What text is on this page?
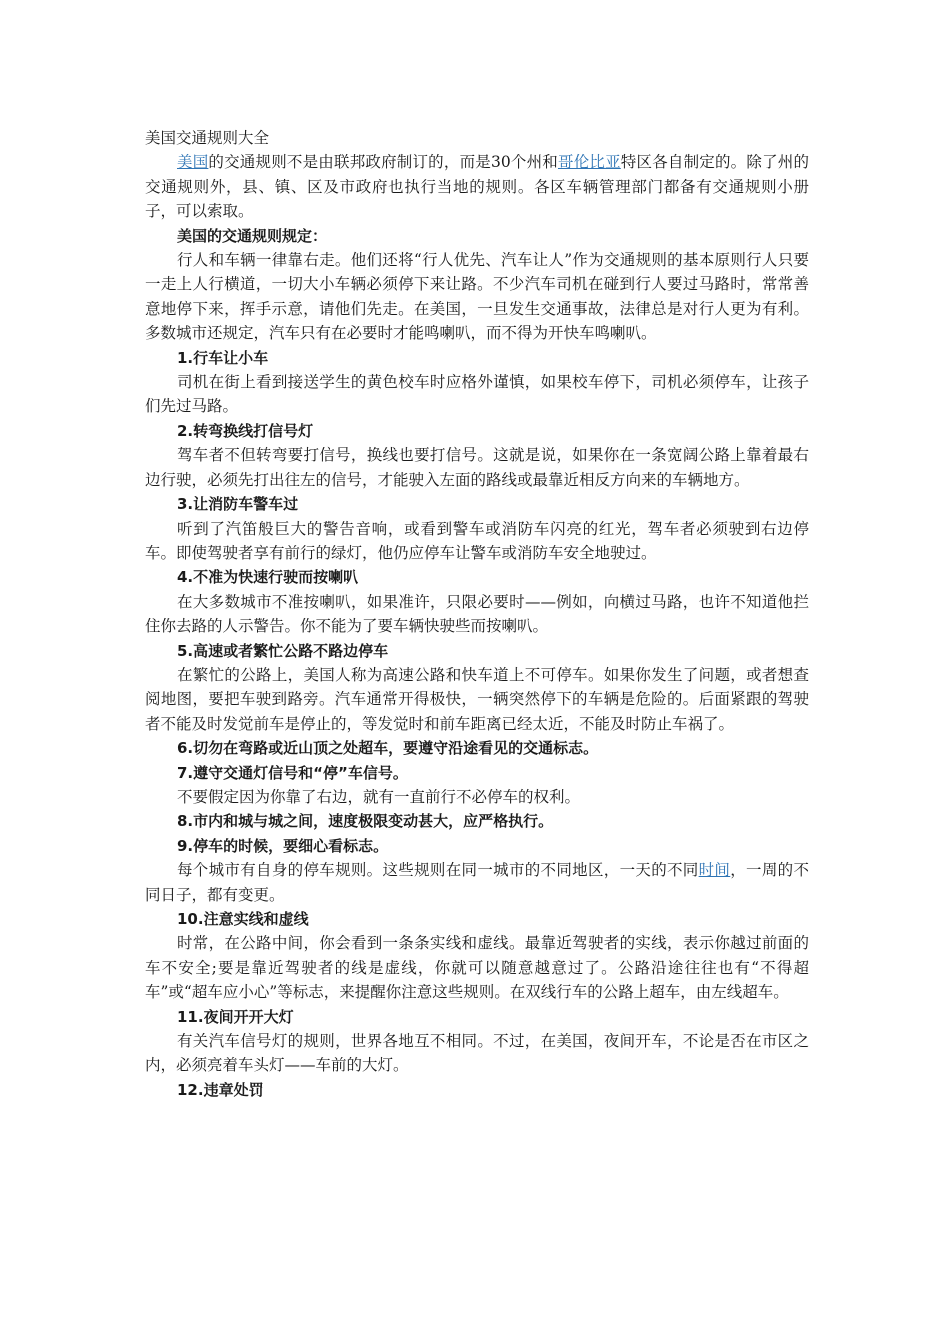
美国交通规则大全

美国的交通规则不是由联邦政府制订的，而是30个州和哥伦比亚特区各自制定的。除了州的交通规则外，县、镇、区及市政府也执行当地的规则。各区车辆管理部门都备有交通规则小册子，可以索取。

美国的交通规则规定：

行人和车辆一律靠右走。他们还将“行人优先、汽车让人”作为交通规则的基本原则行人只要一走上人行横道，一切大小车辆必须停下来让路。不少汽车司机在碰到行人要过马路时，常常善意地停下来，挥手示意，请他们先走。在美国，一旦发生交通事故，法律总是对行人更为有利。多数城市还规定，汽车只有在必要时才能鸣喇叭，而不得为开快车鸣喇叭。

1.行车让小车

司机在街上看到接送学生的黄色校车时应格外谨慎，如果校车停下，司机必须停车，让孩子们先过马路。

2.转弯换线打信号灯

驾车者不但转弯要打信号，换线也要打信号。这就是说，如果你在一条宽阔公路上靠着最右边行驶，必须先打出往左的信号，才能驶入左面的路线或最靠近相反方向来的车辆地方。

3.让消防车警车过

听到了汽笛般巨大的警告音响，或看到警车或消防车闪亮的红光，驾车者必须驶到右边停车。即使驾驶者享有前行的绿灯，他仍应停车让警车或消防车安全地驶过。

4.不准为快速行驶而按喇叭

在大多数城市不准按喇叭，如果准许，只限必要时——例如，向横过马路，也许不知道他拦住你去路的人示警告。你不能为了要车辆快驶些而按喇叭。

5.高速或者繁忙公路不路边停车

在繁忙的公路上，美国人称为高速公路和快车道上不可停车。如果你发生了问题，或者想查阅地图，要把车驶到路旁。汽车通常开得极快，一辆突然停下的车辆是危险的。后面紧跟的驾驶者不能及时发觉前车是停止的，等发觉时和前车距离已经太近，不能及时防止车祸了。

6.切勿在弯路或近山顶之处超车，要遵守沿途看见的交通标志。

7.遵守交通灯信号和“停”车信号。

不要假定因为你靠了右边，就有一直前行不必停车的权利。

8.市内和城与城之间，速度极限变动甚大，应严格执行。

9.停车的时候，要细心看标志。

每个城市有自身的停车规则。这些规则在同一城市的不同地区，一天的不同时间，一周的不同日子，都有变更。

10.注意实线和虚线

时常，在公路中间，你会看到一条条实线和虚线。最靠近驾驶者的实线，表示你越过前面的车不安全;要是靠近驾驶者的线是虚线，你就可以随意越意过了。公路沿途往往也有“不得超车”或“超车应小心”等标志，来提醒你注意这些规则。在双线行车的公路上超车，由左线超车。

11.夜间开开大灯

有关汽车信号灯的规则，世界各地互不相同。不过，在美国，夜间开车，不论是否在市区之内，必须亮着车头灯——车前的大灯。

12.违章处罚
